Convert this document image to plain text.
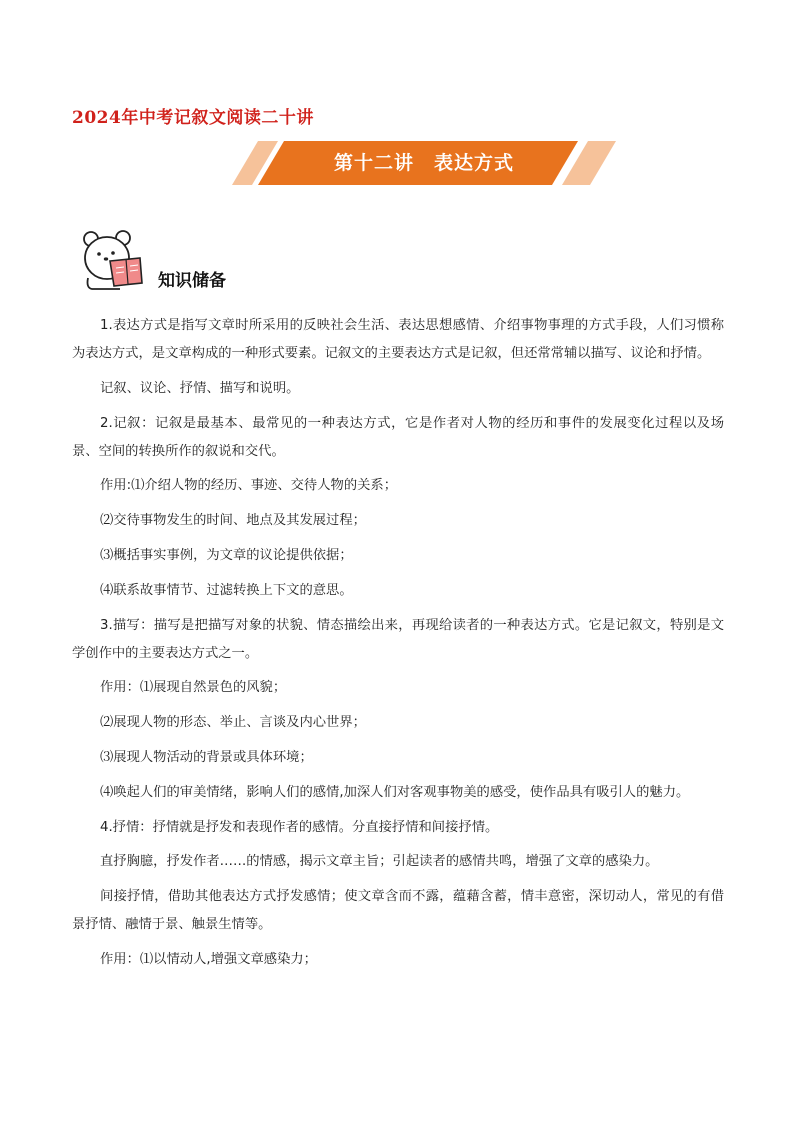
2024年中考记叙文阅读二十讲
第十二讲　表达方式
知识储备

1.表达方式是指写文章时所采用的反映社会生活、表达思想感情、介绍事物事理的方式手段，人们习惯称为表达方式，是文章构成的一种形式要素。记叙文的主要表达方式是记叙，但还常常辅以描写、议论和抒情。

记叙、议论、抒情、描写和说明。

2.记叙：记叙是最基本、最常见的一种表达方式，它是作者对人物的经历和事件的发展变化过程以及场景、空间的转换所作的叙说和交代。

作用:⑴介绍人物的经历、事迹、交待人物的关系；

⑵交待事物发生的时间、地点及其发展过程；

⑶概括事实事例，为文章的议论提供依据；

⑷联系故事情节、过滤转换上下文的意思。

3.描写：描写是把描写对象的状貌、情态描绘出来，再现给读者的一种表达方式。它是记叙文，特别是文学创作中的主要表达方式之一。

作用：⑴展现自然景色的风貌；

⑵展现人物的形态、举止、言谈及内心世界；

⑶展现人物活动的背景或具体环境；

⑷唤起人们的审美情绪，影响人们的感情,加深人们对客观事物美的感受，使作品具有吸引人的魅力。

4.抒情：抒情就是抒发和表现作者的感情。分直接抒情和间接抒情。

直抒胸臆，抒发作者……的情感，揭示文章主旨；引起读者的感情共鸣，增强了文章的感染力。

间接抒情，借助其他表达方式抒发感情；使文章含而不露，蕴藉含蓄，情丰意密，深切动人，常见的有借景抒情、融情于景、触景生情等。

作用：⑴以情动人,增强文章感染力；
